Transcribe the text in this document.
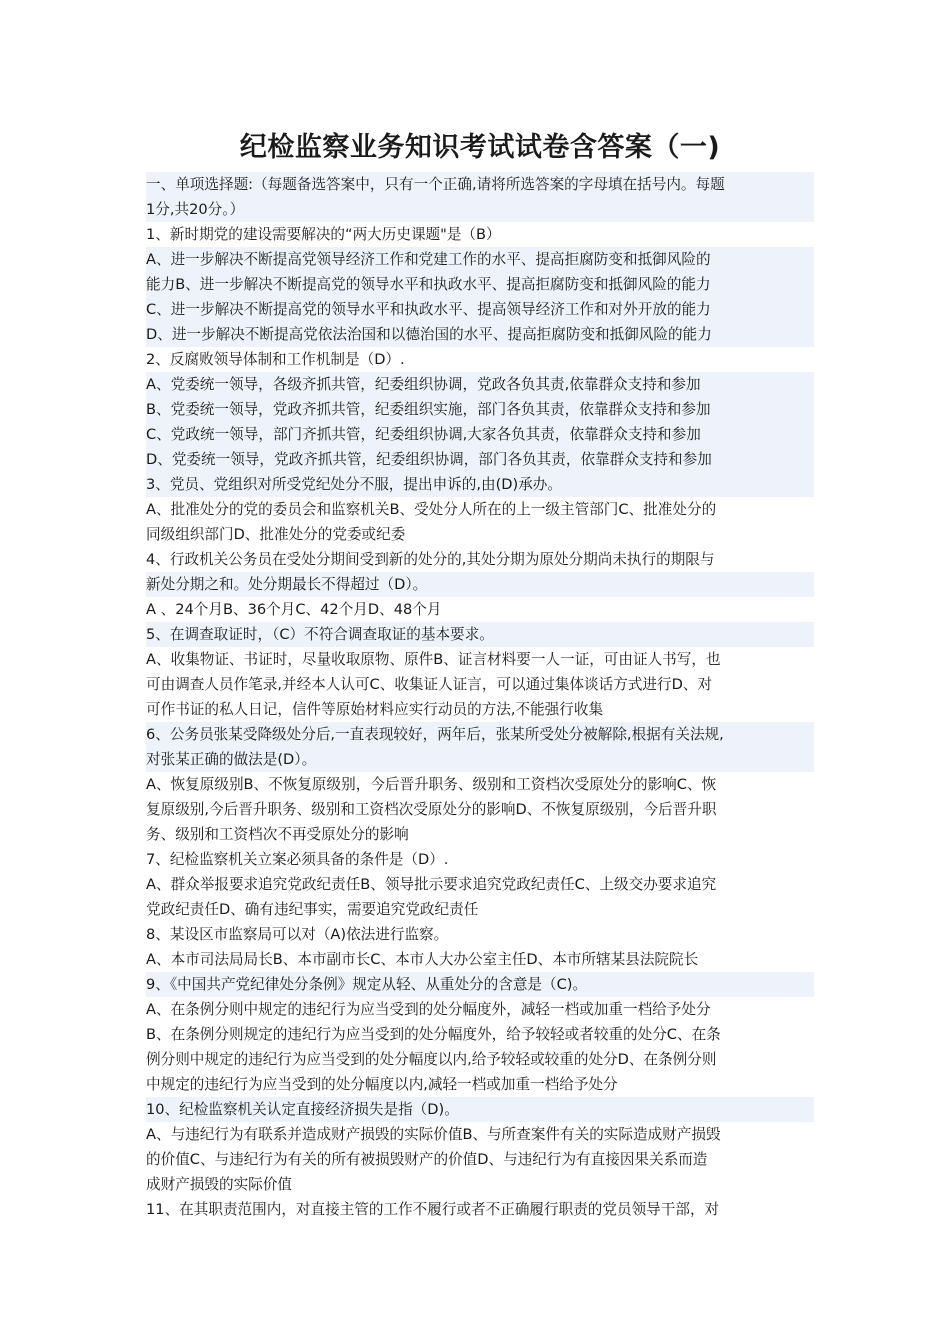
纪检监察业务知识考试试卷含答案（一)
一、单项选择题:（每题备选答案中，只有一个正确,请将所选答案的字母填在括号内。每题
1分,共20分。）
1、新时期党的建设需要解决的“两大历史课题"是（B）
A、进一步解决不断提高党领导经济工作和党建工作的水平、提高拒腐防变和抵御风险的
能力B、进一步解决不断提高党的领导水平和执政水平、提高拒腐防变和抵御风险的能力
C、进一步解决不断提高党的领导水平和执政水平、提高领导经济工作和对外开放的能力
D、进一步解决不断提高党依法治国和以德治国的水平、提高拒腐防变和抵御风险的能力
2、反腐败领导体制和工作机制是（D）.
A、党委统一领导，各级齐抓共管，纪委组织协调，党政各负其责,依靠群众支持和参加
B、党委统一领导，党政齐抓共管，纪委组织实施，部门各负其责，依靠群众支持和参加
C、党政统一领导，部门齐抓共管，纪委组织协调,大家各负其责，依靠群众支持和参加
D、党委统一领导，党政齐抓共管，纪委组织协调，部门各负其责，依靠群众支持和参加
3、党员、党组织对所受党纪处分不服，提出申诉的,由(D)承办。
A、批准处分的党的委员会和监察机关B、受处分人所在的上一级主管部门C、批准处分的
同级组织部门D、批准处分的党委或纪委
4、行政机关公务员在受处分期间受到新的处分的,其处分期为原处分期尚未执行的期限与
新处分期之和。处分期最长不得超过（D）。
A 、24个月B、36个月C、42个月D、48个月
5、在调查取证时，（C）不符合调查取证的基本要求。
A、收集物证、书证时，尽量收取原物、原件B、证言材料要一人一证，可由证人书写，也
可由调查人员作笔录,并经本人认可C、收集证人证言，可以通过集体谈话方式进行D、对
可作书证的私人日记，信件等原始材料应实行动员的方法,不能强行收集
6、公务员张某受降级处分后,一直表现较好，两年后，张某所受处分被解除,根据有关法规,
对张某正确的做法是(D）。
A、恢复原级别B、不恢复原级别，今后晋升职务、级别和工资档次受原处分的影响C、恢
复原级别,今后晋升职务、级别和工资档次受原处分的影响D、不恢复原级别，今后晋升职
务、级别和工资档次不再受原处分的影响
7、纪检监察机关立案必须具备的条件是（D）.
A、群众举报要求追究党政纪责任B、领导批示要求追究党政纪责任C、上级交办要求追究
党政纪责任D、确有违纪事实，需要追究党政纪责任
8、某设区市监察局可以对（A)依法进行监察。
A、本市司法局局长B、本市副市长C、本市人大办公室主任D、本市所辖某县法院院长
9、《中国共产党纪律处分条例》规定从轻、从重处分的含意是（C)。
A、在条例分则中规定的违纪行为应当受到的处分幅度外，减轻一档或加重一档给予处分
B、在条例分则规定的违纪行为应当受到的处分幅度外，给予较轻或者较重的处分C、在条
例分则中规定的违纪行为应当受到的处分幅度以内,给予较轻或较重的处分D、在条例分则
中规定的违纪行为应当受到的处分幅度以内,减轻一档或加重一档给予处分
10、纪检监察机关认定直接经济损失是指（D)。
A、与违纪行为有联系并造成财产损毁的实际价值B、与所查案件有关的实际造成财产损毁
的价值C、与违纪行为有关的所有被损毁财产的价值D、与违纪行为有直接因果关系而造
成财产损毁的实际价值
11、在其职责范围内，对直接主管的工作不履行或者不正确履行职责的党员领导干部，对
